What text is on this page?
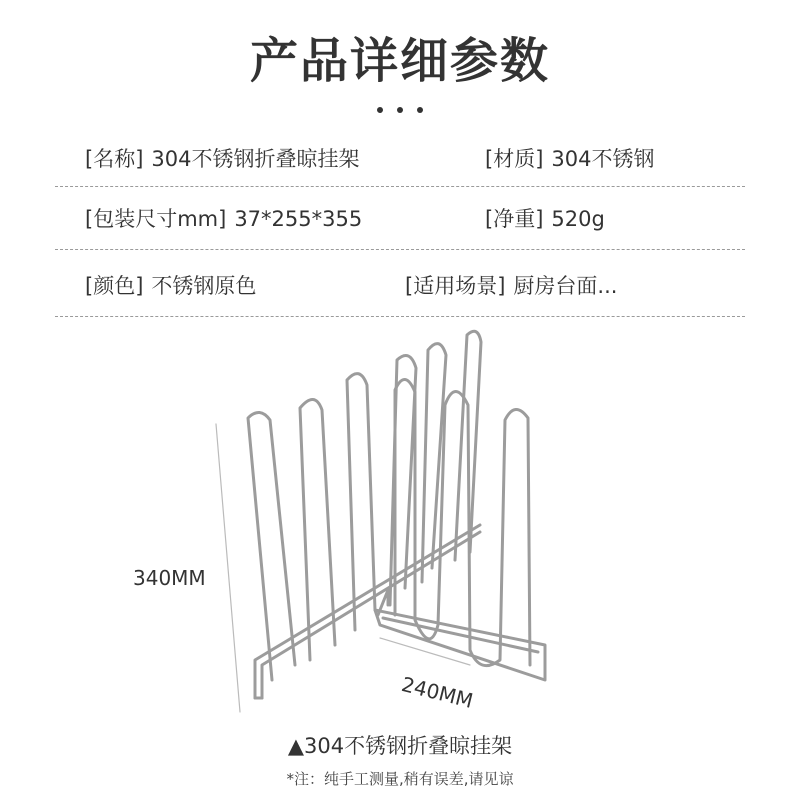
产品详细参数
[名称] 304不锈钢折叠晾挂架	[材质] 304不锈钢
[包装尺寸mm] 37*255*355	[净重] 520g
[颜色] 不锈钢原色	[适用场景] 厨房台面...
340MM
240MM
▲304不锈钢折叠晾挂架
*注：纯手工测量,稍有误差,请见谅
